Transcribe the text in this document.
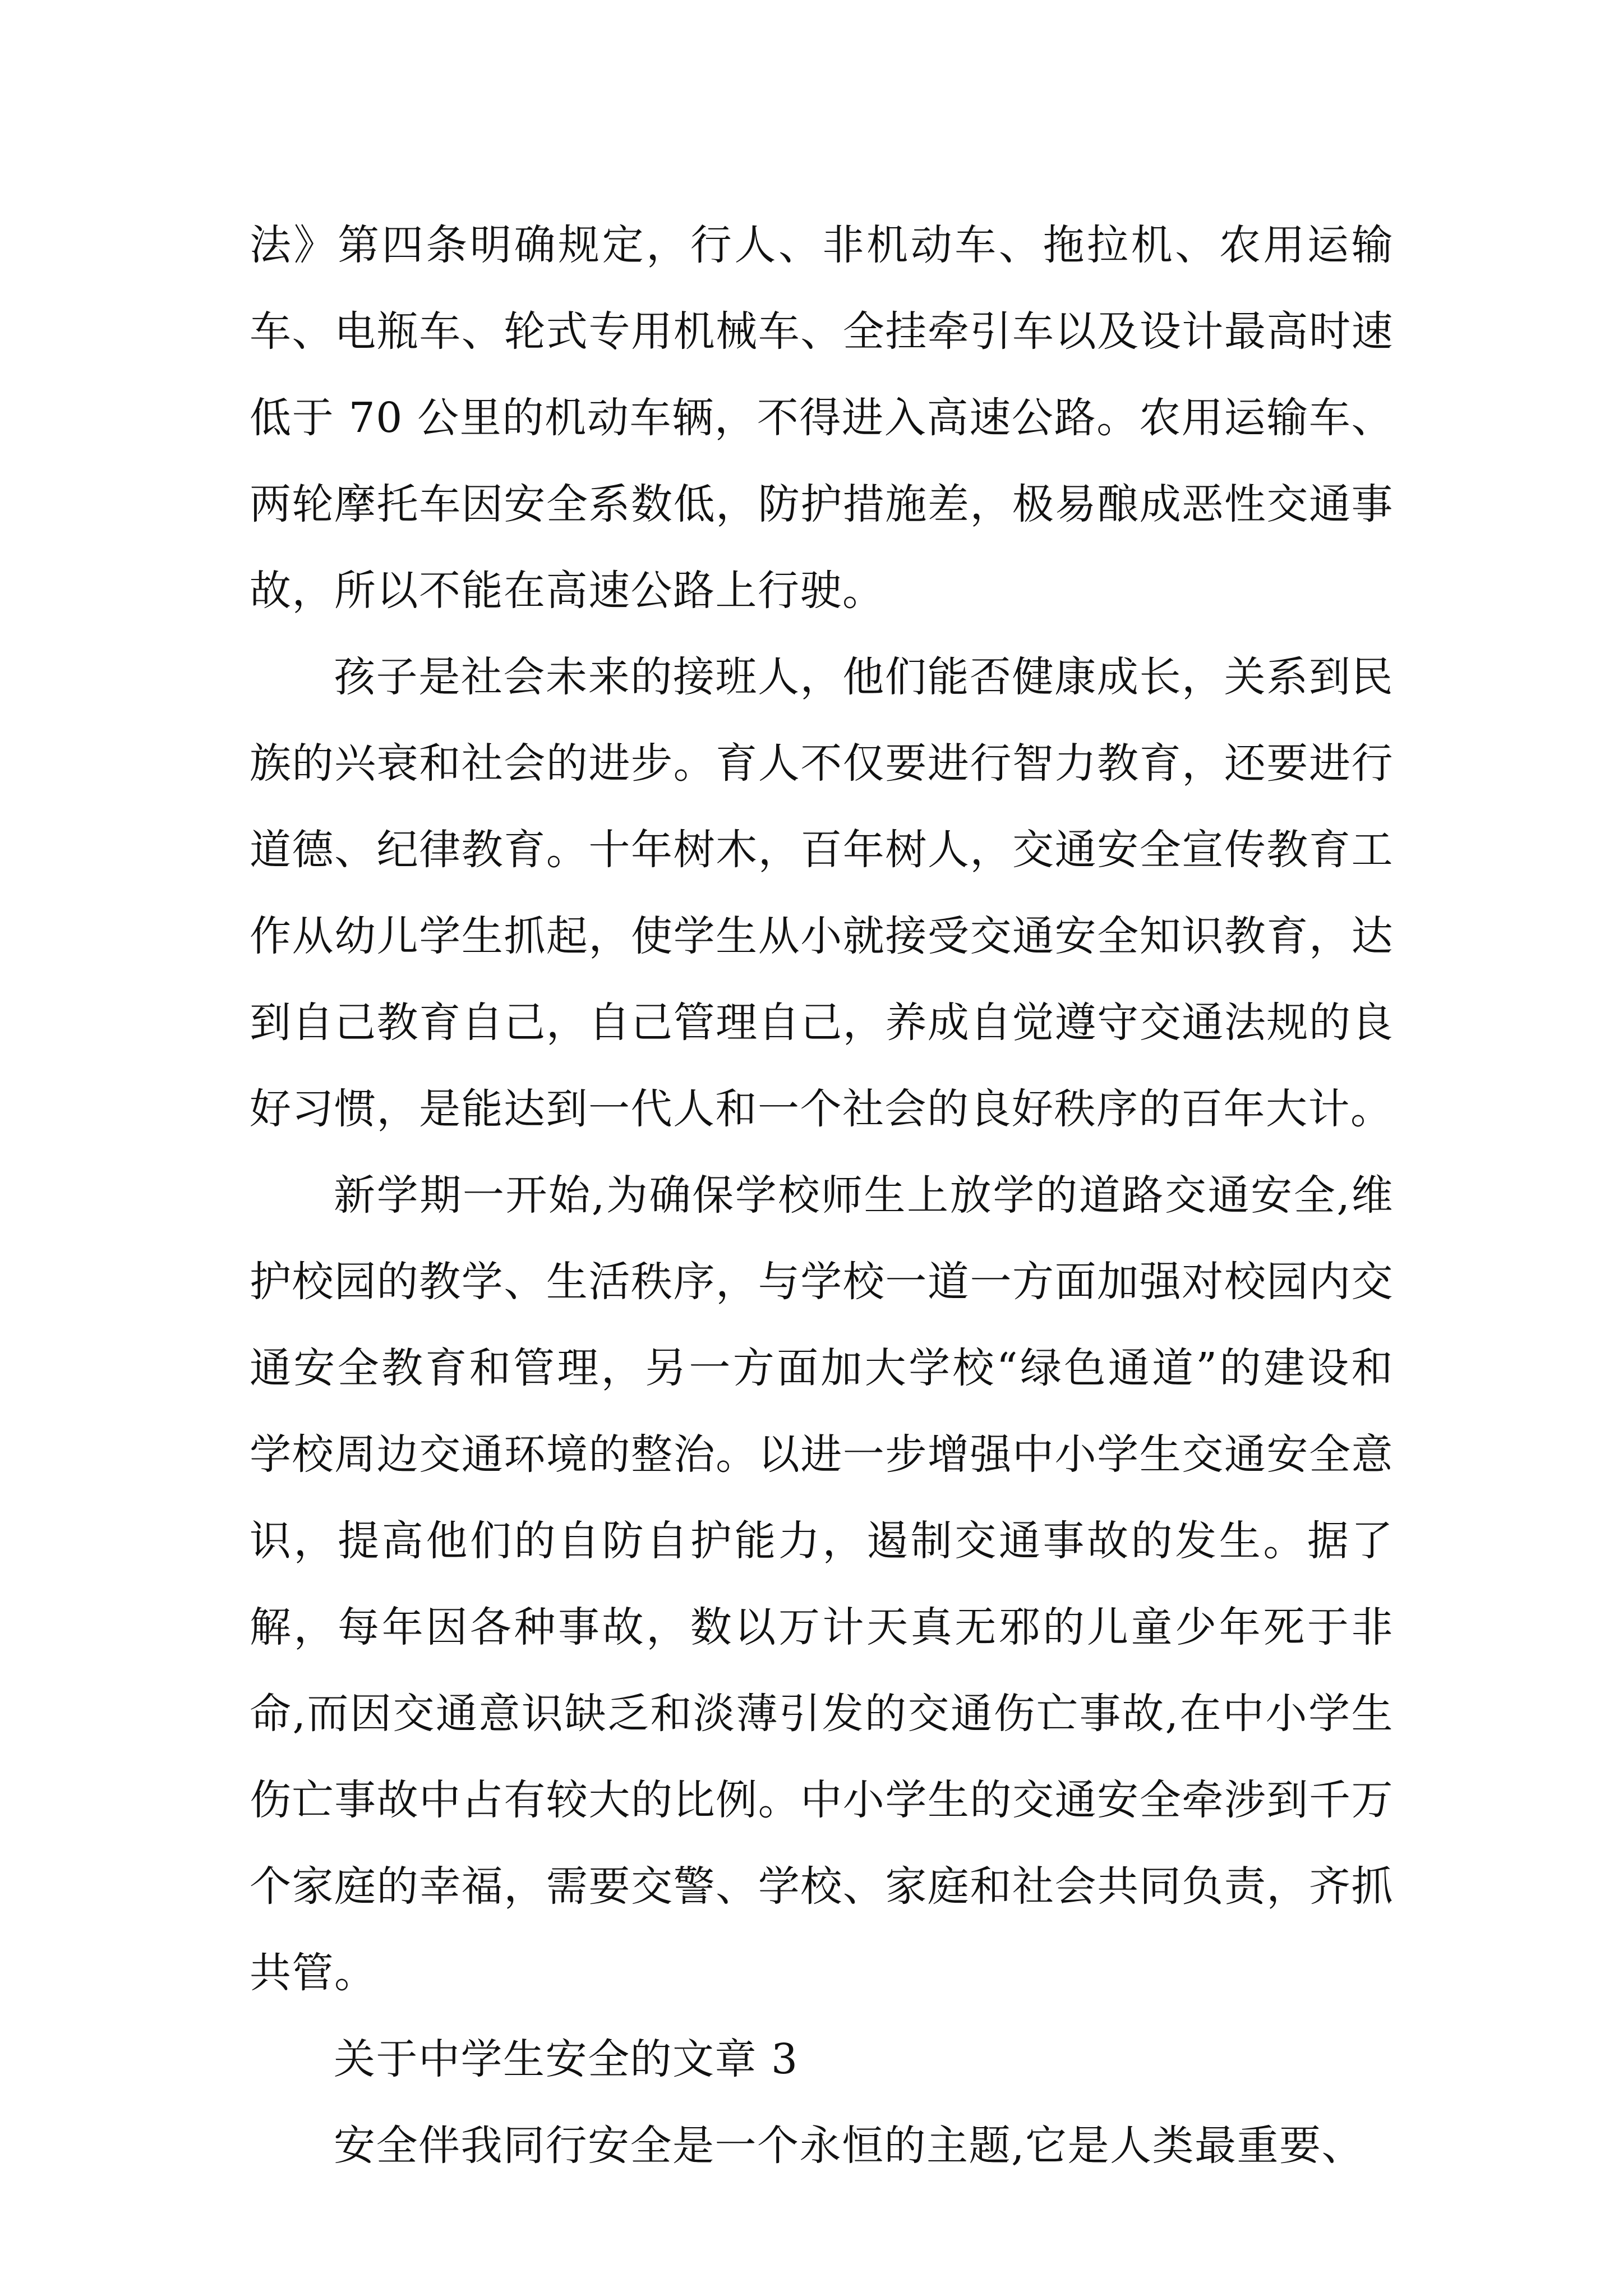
法》第四条明确规定，行人、非机动车、拖拉机、农用运输车、电瓶车、轮式专用机械车、全挂牵引车以及设计最高时速低于 70 公里的机动车辆，不得进入高速公路。农用运输车、两轮摩托车因安全系数低，防护措施差，极易酿成恶性交通事故，所以不能在高速公路上行驶。

孩子是社会未来的接班人，他们能否健康成长，关系到民族的兴衰和社会的进步。育人不仅要进行智力教育，还要进行道德、纪律教育。十年树木，百年树人，交通安全宣传教育工作从幼儿学生抓起，使学生从小就接受交通安全知识教育，达到自己教育自己，自己管理自己，养成自觉遵守交通法规的良好习惯，是能达到一代人和一个社会的良好秩序的百年大计。

新学期一开始,为确保学校师生上放学的道路交通安全,维护校园的教学、生活秩序，与学校一道一方面加强对校园内交通安全教育和管理，另一方面加大学校“绿色通道”的建设和学校周边交通环境的整治。以进一步增强中小学生交通安全意识，提高他们的自防自护能力，遏制交通事故的发生。据了解，每年因各种事故，数以万计天真无邪的儿童少年死于非命,而因交通意识缺乏和淡薄引发的交通伤亡事故,在中小学生伤亡事故中占有较大的比例。中小学生的交通安全牵涉到千万个家庭的幸福，需要交警、学校、家庭和社会共同负责，齐抓共管。

关于中学生安全的文章 3

安全伴我同行安全是一个永恒的主题,它是人类最重要、
